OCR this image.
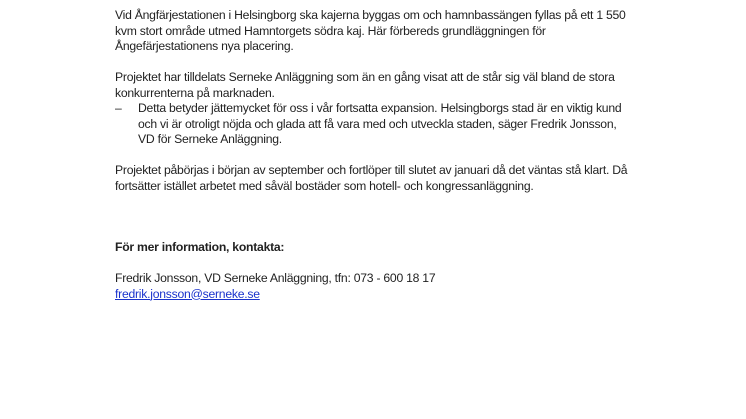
Vid Ångfärjestationen i Helsingborg ska kajerna byggas om och hamnbassängen fyllas på ett 1 550 kvm stort område utmed Hamntorgets södra kaj. Här förbereds grundläggningen för Ångefärjestationens nya placering.

Projektet har tilldelats Serneke Anläggning som än en gång visat att de står sig väl bland de stora konkurrenterna på marknaden.

– Detta betyder jättemycket för oss i vår fortsatta expansion. Helsingborgs stad är en viktig kund och vi är otroligt nöjda och glada att få vara med och utveckla staden, säger Fredrik Jonsson, VD för Serneke Anläggning.

Projektet påbörjas i början av september och fortlöper till slutet av januari då det väntas stå klart. Då fortsätter istället arbetet med såväl bostäder som hotell- och kongressanläggning.

För mer information, kontakta:

Fredrik Jonsson, VD Serneke Anläggning, tfn: 073 - 600 18 17

fredrik.jonsson@serneke.se
